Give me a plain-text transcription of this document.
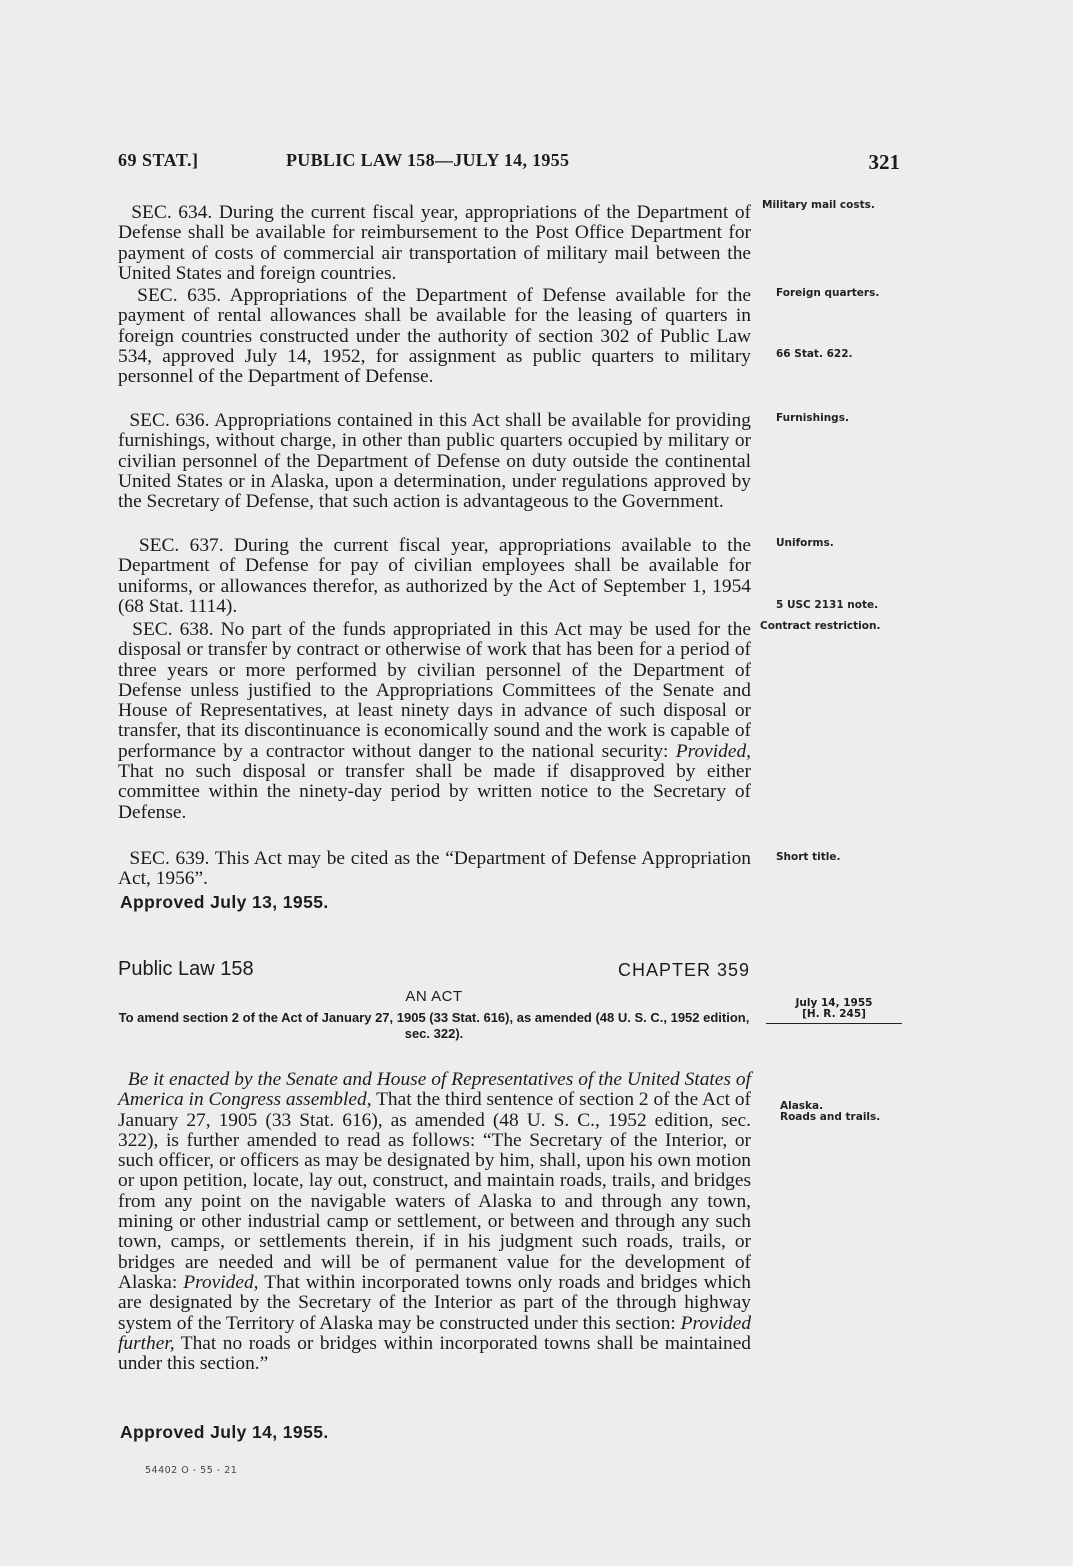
69 STAT.]	PUBLIC LAW 158—JULY 14, 1955	321

SEC. 634. During the current fiscal year, appropriations of the Department of Defense shall be available for reimbursement to the Post Office Department for payment of costs of commercial air transportation of military mail between the United States and foreign countries.

SEC. 635. Appropriations of the Department of Defense available for the payment of rental allowances shall be available for the leasing of quarters in foreign countries constructed under the authority of section 302 of Public Law 534, approved July 14, 1952, for assignment as public quarters to military personnel of the Department of Defense.

SEC. 636. Appropriations contained in this Act shall be available for providing furnishings, without charge, in other than public quarters occupied by military or civilian personnel of the Department of Defense on duty outside the continental United States or in Alaska, upon a determination, under regulations approved by the Secretary of Defense, that such action is advantageous to the Government.

SEC. 637. During the current fiscal year, appropriations available to the Department of Defense for pay of civilian employees shall be available for uniforms, or allowances therefor, as authorized by the Act of September 1, 1954 (68 Stat. 1114).

SEC. 638. No part of the funds appropriated in this Act may be used for the disposal or transfer by contract or otherwise of work that has been for a period of three years or more performed by civilian personnel of the Department of Defense unless justified to the Appropriations Committees of the Senate and House of Representatives, at least ninety days in advance of such disposal or transfer, that its discontinuance is economically sound and the work is capable of performance by a contractor without danger to the national security: Provided, That no such disposal or transfer shall be made if disapproved by either committee within the ninety-day period by written notice to the Secretary of Defense.

SEC. 639. This Act may be cited as the “Department of Defense Appropriation Act, 1956”.

Approved July 13, 1955.
Public Law 158	CHAPTER 359
AN ACT
To amend section 2 of the Act of January 27, 1905 (33 Stat. 616), as amended (48 U. S. C., 1952 edition, sec. 322).
July 14, 1955
[H. R. 245]

Be it enacted by the Senate and House of Representatives of the United States of America in Congress assembled, That the third sentence of section 2 of the Act of January 27, 1905 (33 Stat. 616), as amended (48 U. S. C., 1952 edition, sec. 322), is further amended to read as follows: “The Secretary of the Interior, or such officer, or officers as may be designated by him, shall, upon his own motion or upon petition, locate, lay out, construct, and maintain roads, trails, and bridges from any point on the navigable waters of Alaska to and through any town, mining or other industrial camp or settlement, or between and through any such town, camps, or settlements therein, if in his judgment such roads, trails, or bridges are needed and will be of permanent value for the development of Alaska: Provided, That within incorporated towns only roads and bridges which are designated by the Secretary of the Interior as part of the through highway system of the Territory of Alaska may be constructed under this section: Provided further, That no roads or bridges within incorporated towns shall be maintained under this section.”

Approved July 14, 1955.
Military mail costs.
Foreign quarters.
66 Stat. 622.
Furnishings.
Uniforms.
5 USC 2131 note.
Contract restriction.
Short title.
Alaska.
Roads and trails.
54402 O - 55 - 21
